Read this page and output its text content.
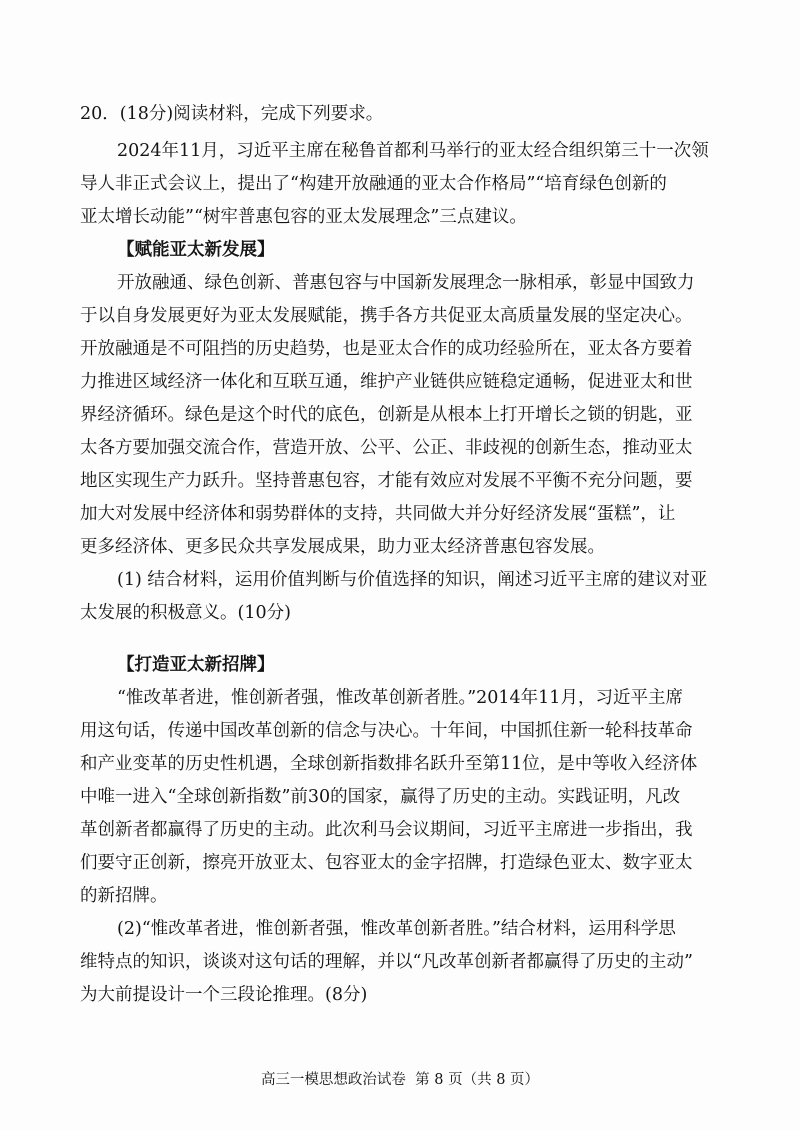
20．(18分)阅读材料，完成下列要求。
2024年11月，习近平主席在秘鲁首都利马举行的亚太经合组织第三十一次领
导人非正式会议上，提出了“构建开放融通的亚太合作格局”“培育绿色创新的
亚太增长动能”“树牢普惠包容的亚太发展理念”三点建议。
【赋能亚太新发展】
开放融通、绿色创新、普惠包容与中国新发展理念一脉相承，彰显中国致力
于以自身发展更好为亚太发展赋能，携手各方共促亚太高质量发展的坚定决心。
开放融通是不可阻挡的历史趋势，也是亚太合作的成功经验所在，亚太各方要着
力推进区域经济一体化和互联互通，维护产业链供应链稳定通畅，促进亚太和世
界经济循环。绿色是这个时代的底色，创新是从根本上打开增长之锁的钥匙，亚
太各方要加强交流合作，营造开放、公平、公正、非歧视的创新生态，推动亚太
地区实现生产力跃升。坚持普惠包容，才能有效应对发展不平衡不充分问题，要
加大对发展中经济体和弱势群体的支持，共同做大并分好经济发展“蛋糕”，让
更多经济体、更多民众共享发展成果，助力亚太经济普惠包容发展。
(1) 结合材料，运用价值判断与价值选择的知识，阐述习近平主席的建议对亚
太发展的积极意义。(10分)
【打造亚太新招牌】
“惟改革者进，惟创新者强，惟改革创新者胜。”2014年11月，习近平主席
用这句话，传递中国改革创新的信念与决心。十年间，中国抓住新一轮科技革命
和产业变革的历史性机遇，全球创新指数排名跃升至第11位，是中等收入经济体
中唯一进入“全球创新指数”前30的国家，赢得了历史的主动。实践证明，凡改
革创新者都赢得了历史的主动。此次利马会议期间，习近平主席进一步指出，我
们要守正创新，擦亮开放亚太、包容亚太的金字招牌，打造绿色亚太、数字亚太
的新招牌。
(2)“惟改革者进，惟创新者强，惟改革创新者胜。”结合材料，运用科学思
维特点的知识，谈谈对这句话的理解，并以“凡改革创新者都赢得了历史的主动”
为大前提设计一个三段论推理。(8分)
高三一模思想政治试卷 第 8 页（共 8 页）
